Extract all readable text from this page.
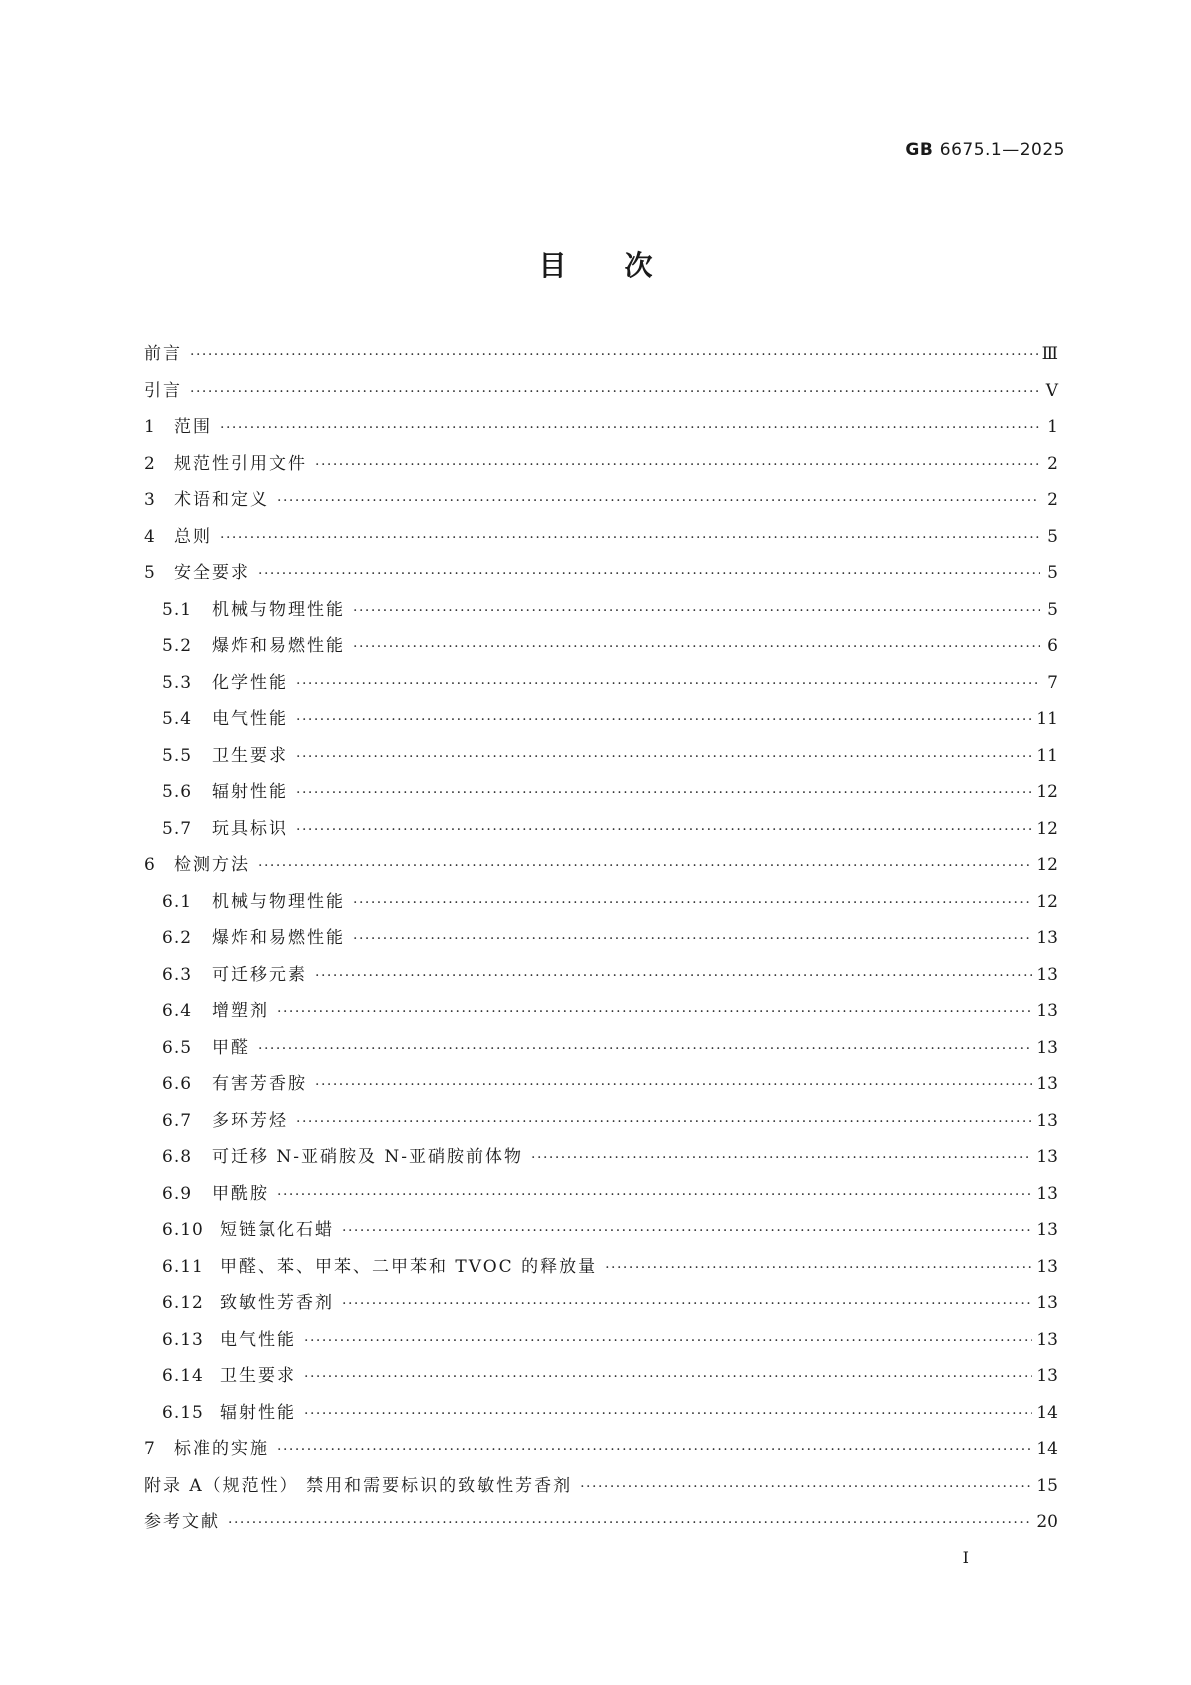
GB 6675.1—2025
目次
前言 ·····	Ⅲ
引言 ·····	Ⅴ
1	范围 ·····	1
2	规范性引用文件 ·····	2
3	术语和定义 ·····	2
4	总则 ·····	5
5	安全要求 ·····	5
5.1	机械与物理性能 ·····	5
5.2	爆炸和易燃性能 ·····	6
5.3	化学性能 ·····	7
5.4	电气性能 ·····	11
5.5	卫生要求 ·····	11
5.6	辐射性能 ·····	12
5.7	玩具标识 ·····	12
6	检测方法 ·····	12
6.1	机械与物理性能 ·····	12
6.2	爆炸和易燃性能 ·····	13
6.3	可迁移元素 ·····	13
6.4	增塑剂 ·····	13
6.5	甲醛 ·····	13
6.6	有害芳香胺 ·····	13
6.7	多环芳烃 ·····	13
6.8	可迁移 N-亚硝胺及 N-亚硝胺前体物 ·····	13
6.9	甲酰胺 ·····	13
6.10 短链氯化石蜡 ·····	13
6.11 甲醛、苯、甲苯、二甲苯和 TVOC 的释放量 ·····	13
6.12 致敏性芳香剂 ·····	13
6.13 电气性能 ·····	13
6.14 卫生要求 ·····	13
6.15 辐射性能 ·····	14
7	标准的实施 ·····	14
附录 A（规范性） 禁用和需要标识的致敏性芳香剂 ·····	15
参考文献 ·····	20
I
